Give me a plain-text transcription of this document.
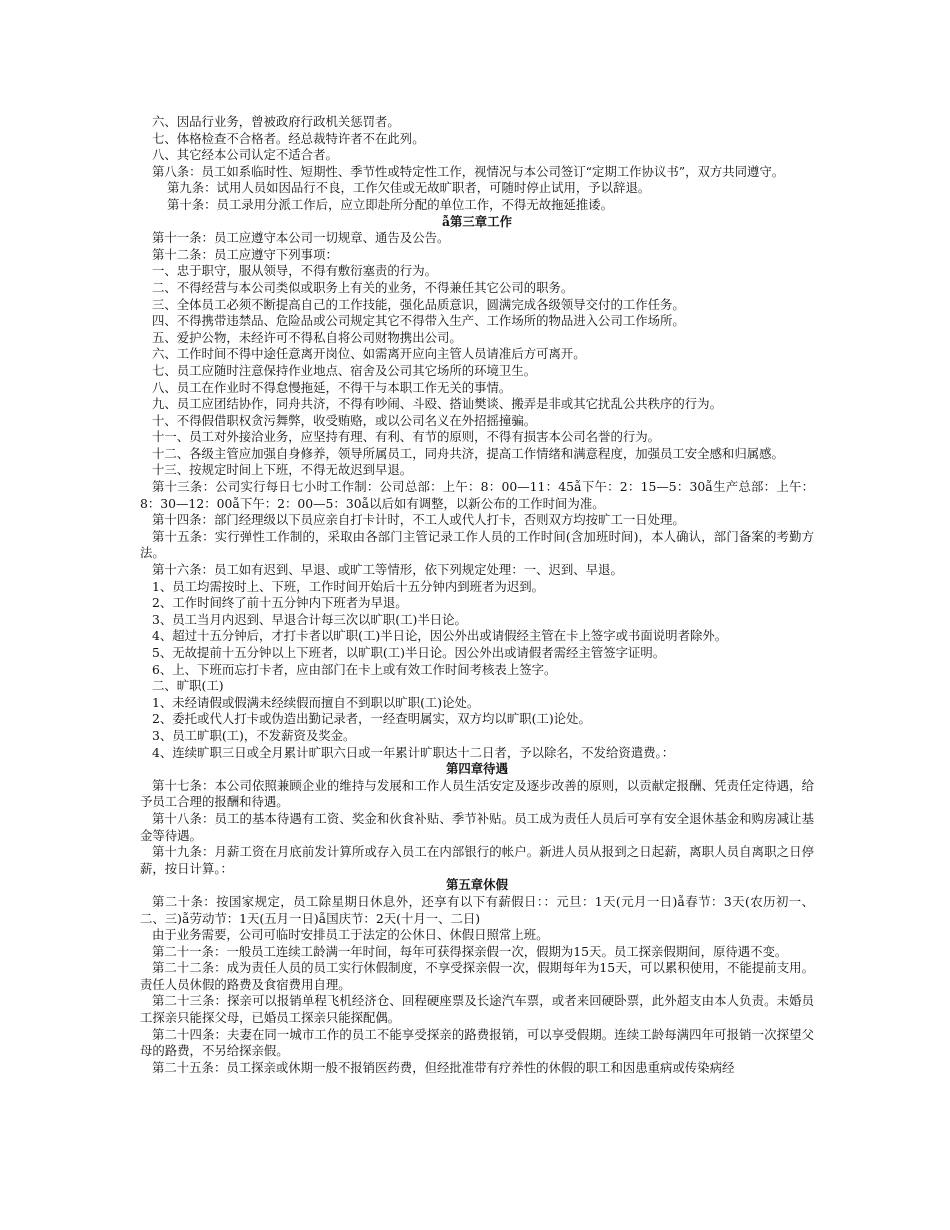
六、因品行业务，曾被政府行政机关惩罚者。
七、体格检查不合格者。经总裁特许者不在此列。
八、其它经本公司认定不适合者。
第八条：员工如系临时性、短期性、季节性或特定性工作，视情况与本公司签订“定期工作协议书”，双方共同遵守。
第九条：试用人员如因品行不良，工作欠佳或无故旷职者，可随时停止试用，予以辞退。
第十条：员工录用分派工作后，应立即赴所分配的单位工作，不得无故拖延推诿。
ẫ第三章工作
第十一条：员工应遵守本公司一切规章、通告及公告。
第十二条：员工应遵守下列事项：
一、忠于职守，服从领导，不得有敷衍塞责的行为。
二、不得经营与本公司类似或职务上有关的业务，不得兼任其它公司的职务。
三、全体员工必须不断提高自己的工作技能，强化品质意识，圆满完成各级领导交付的工作任务。
四、不得携带违禁品、危险品或公司规定其它不得带入生产、工作场所的物品进入公司工作场所。
五、爱护公物，未经许可不得私自将公司财物携出公司。
六、工作时间不得中途任意离开岗位、如需离开应向主管人员请准后方可离开。
七、员工应随时注意保持作业地点、宿舍及公司其它场所的环境卫生。
八、员工在作业时不得怠慢拖延，不得干与本职工作无关的事情。
九、员工应团结协作，同舟共济，不得有吵闹、斗殴、搭讪樊谈、搬弄是非或其它扰乱公共秩序的行为。
十、不得假借职权贪污舞弊，收受贿赂，或以公司名义在外招摇撞骗。
十一、员工对外接洽业务，应坚持有理、有利、有节的原则，不得有损害本公司名誉的行为。
十二、各级主管应加强自身修养，领导所属员工，同舟共济，提高工作情绪和满意程度，加强员工安全感和归属感。
十三、按规定时间上下班，不得无故迟到早退。
第十三条：公司实行每日七小时工作制：公司总部：上午：8：00—11：45ẫ下午：2：15—5：30ẫ生产总部：上午：8：30—12：00ẫ下午：2：00—5：30ẫ以后如有调整，以新公布的工作时间为准。
第十四条：部门经理级以下员应亲自打卡计时，不工人或代人打卡，否则双方均按旷工一日处理。
第十五条：实行弹性工作制的，采取由各部门主管记录工作人员的工作时间(含加班时间)，本人确认，部门备案的考勤方法。
第十六条：员工如有迟到、早退、或旷工等情形，依下列规定处理：一、迟到、早退。
1、员工均需按时上、下班，工作时间开始后十五分钟内到班者为迟到。
2、工作时间终了前十五分钟内下班者为早退。
3、员工当月内迟到、早退合计每三次以旷职(工)半日论。
4、超过十五分钟后，才打卡者以旷职(工)半日论，因公外出或请假经主管在卡上签字或书面说明者除外。
5、无故提前十五分钟以上下班者，以旷职(工)半日论。因公外出或请假者需经主管签字证明。
6、上、下班而忘打卡者，应由部门在卡上或有效工作时间考核表上签字。
二、旷职(工)
1、未经请假或假满未经续假而擅自不到职以旷职(工)论处。
2、委托或代人打卡或伪造出勤记录者，一经查明属实，双方均以旷职(工)论处。
3、员工旷职(工)，不发薪资及奖金。
4、连续旷职三日或全月累计旷职六日或一年累计旷职达十二日者，予以除名，不发给资遣费。：
第四章待遇
第十七条：本公司依照兼顾企业的维持与发展和工作人员生活安定及逐步改善的原则，以贡献定报酬、凭责任定待遇，给予员工合理的报酬和待遇。
第十八条：员工的基本待遇有工资、奖金和伙食补贴、季节补贴。员工成为责任人员后可享有安全退休基金和购房减让基金等待遇。
第十九条：月薪工资在月底前发计算所或存入员工在内部银行的帐户。新进人员从报到之日起薪，离职人员自离职之日停薪，按日计算。：
第五章休假
第二十条：按国家规定，员工除星期日休息外，还享有以下有薪假日：：元旦：1天(元月一日)ẫ春节：3天(农历初一、二、三)ẫ劳动节：1天(五月一日)ẫ国庆节：2天(十月一、二日)
由于业务需要，公司可临时安排员工于法定的公休日、休假日照常上班。
第二十一条：一般员工连续工龄满一年时间，每年可获得探亲假一次，假期为15天。员工探亲假期间，原待遇不变。
第二十二条：成为责任人员的员工实行休假制度，不享受探亲假一次，假期每年为15天，可以累积使用，不能提前支用。责任人员休假的路费及食宿费用自理。
第二十三条：探亲可以报销单程飞机经济仓、回程硬座票及长途汽车票，或者来回硬卧票，此外超支由本人负责。未婚员工探亲只能探父母，已婚员工探亲只能探配偶。
第二十四条：夫妻在同一城市工作的员工不能享受探亲的路费报销，可以享受假期。连续工龄每满四年可报销一次探望父母的路费，不另给探亲假。
第二十五条：员工探亲或休期一般不报销医药费，但经批准带有疗养性的休假的职工和因患重病或传染病经
